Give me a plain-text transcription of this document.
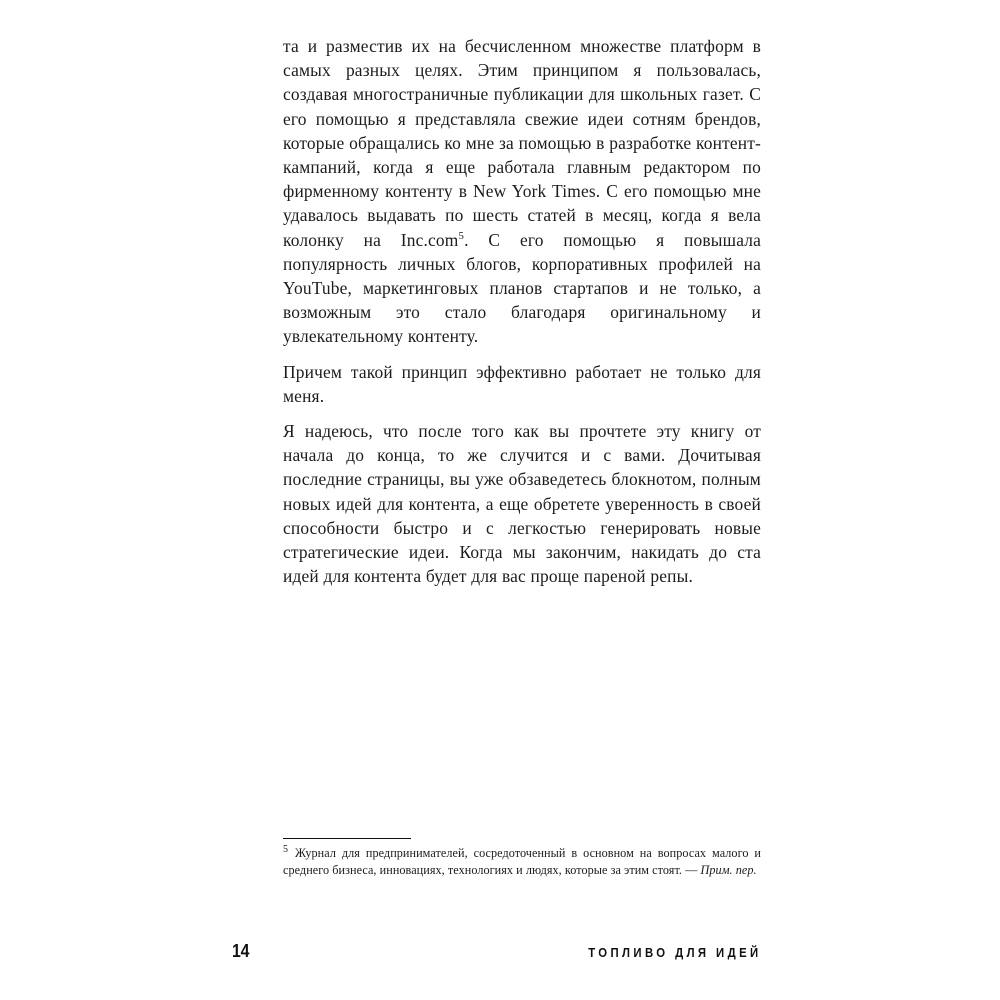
та и разместив их на бесчисленном множестве платформ в самых разных целях. Этим принципом я пользовалась, создавая многостраничные публикации для школьных газет. С его помощью я представляла свежие идеи сотням брендов, которые обращались ко мне за помощью в разработке контент-кампаний, когда я еще работала главным редактором по фирменному контенту в New York Times. С его помощью мне удавалось выдавать по шесть статей в месяц, когда я вела колонку на Inc.com$^5$. С его помощью я повышала популярность личных блогов, корпоративных профилей на YouTube, маркетинговых планов стартапов и не только, а возможным это стало благодаря оригинальному и увлекательному контенту.

Причем такой принцип эффективно работает не только для меня.

Я надеюсь, что после того как вы прочтете эту книгу от начала до конца, то же случится и с вами. Дочитывая последние страницы, вы уже обзаведетесь блокнотом, полным новых идей для контента, а еще обретете уверенность в своей способности быстро и с легкостью генерировать новые стратегические идеи. Когда мы закончим, накидать до ста идей для контента будет для вас проще пареной репы.

$^5$ Журнал для предпринимателей, сосредоточенный в основном на вопросах малого и среднего бизнеса, инновациях, технологиях и людях, которые за этим стоят. — Прим. пер.

14	ТОПЛИВО ДЛЯ ИДЕЙ
